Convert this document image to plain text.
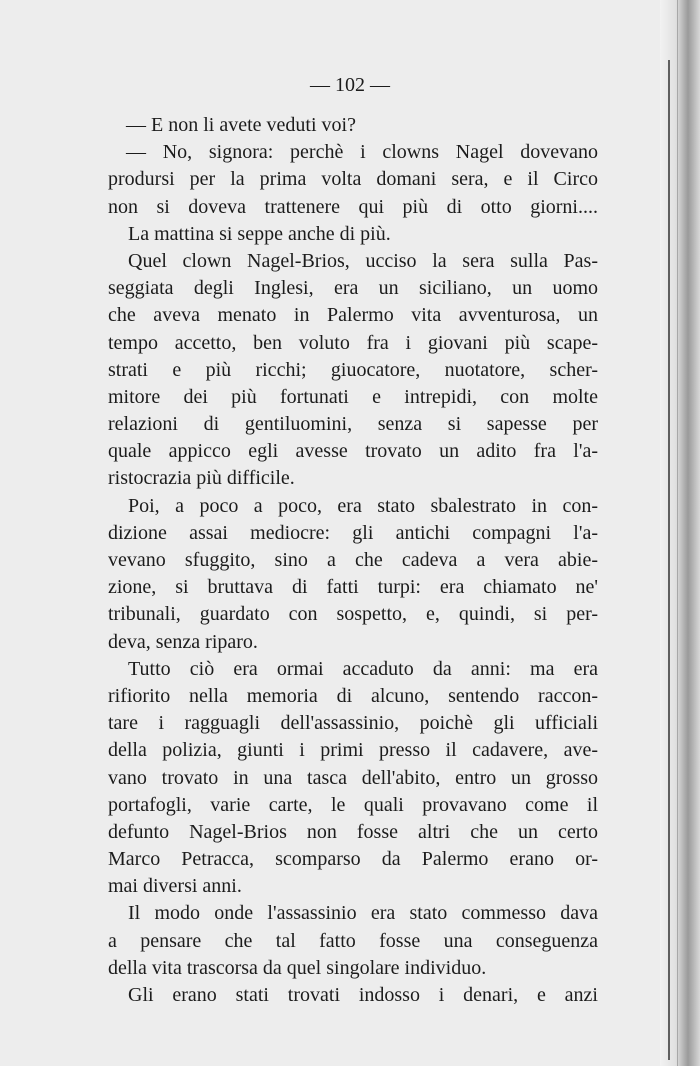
— 102 —
— E non li avete veduti voi?
— No, signora: perchè i clowns Nagel dovevano
prodursi per la prima volta domani sera, e il Circo
non si doveva trattenere qui più di otto giorni....
La mattina si seppe anche di più.
Quel clown Nagel-Brios, ucciso la sera sulla Pas-
seggiata degli Inglesi, era un siciliano, un uomo
che aveva menato in Palermo vita avventurosa, un
tempo accetto, ben voluto fra i giovani più scape-
strati e più ricchi; giuocatore, nuotatore, scher-
mitore dei più fortunati e intrepidi, con molte
relazioni di gentiluomini, senza si sapesse per
quale appicco egli avesse trovato un adito fra l'a-
ristocrazia più difficile.
Poi, a poco a poco, era stato sbalestrato in con-
dizione assai mediocre: gli antichi compagni l'a-
vevano sfuggito, sino a che cadeva a vera abie-
zione, si bruttava di fatti turpi: era chiamato ne'
tribunali, guardato con sospetto, e, quindi, si per-
deva, senza riparo.
Tutto ciò era ormai accaduto da anni: ma era
rifiorito nella memoria di alcuno, sentendo raccon-
tare i ragguagli dell'assassinio, poichè gli ufficiali
della polizia, giunti i primi presso il cadavere, ave-
vano trovato in una tasca dell'abito, entro un grosso
portafogli, varie carte, le quali provavano come il
defunto Nagel-Brios non fosse altri che un certo
Marco Petracca, scomparso da Palermo erano or-
mai diversi anni.
Il modo onde l'assassinio era stato commesso dava
a pensare che tal fatto fosse una conseguenza
della vita trascorsa da quel singolare individuo.
Gli erano stati trovati indosso i denari, e anzi
